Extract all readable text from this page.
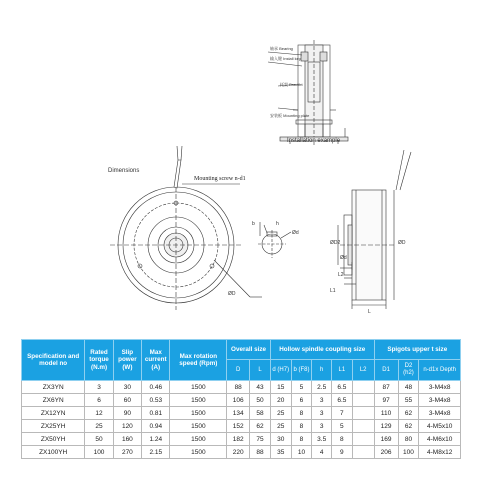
轴承 Bearing
输入键 Install key
托架 Bracket
安装板 Mounting plate
Installation example
Dimensions
Mounting screw n-d1
ØD
Ød
b	h
ØD2
Ød
L2
L1
L
ØD
Specification and model no	Rated torque (N.m)	Slip power (W)	Max current (A)	Max rotation speed (Rpm)	Overall size		Hollow spindle coupling size					Spigots upper t size		
					D	L	d (H7)	b (F8)	h	L1	L2	D1	D2 (h2)	n-d1x Depth
ZX3YN	3	30	0.46	1500	88	43	15	5	2.5	6.5		87	48	3-M4x8
ZX6YN	6	60	0.53	1500	106	50	20	6	3	6.5		97	55	3-M4x8
ZX12YN	12	90	0.81	1500	134	58	25	8	3	7		110	62	3-M4x8
ZX25YH	25	120	0.94	1500	152	62	25	8	3	5		129	62	4-M5x10
ZX50YH	50	160	1.24	1500	182	75	30	8	3.5	8		169	80	4-M6x10
ZX100YH	100	270	2.15	1500	220	88	35	10	4	9		206	100	4-M8x12
